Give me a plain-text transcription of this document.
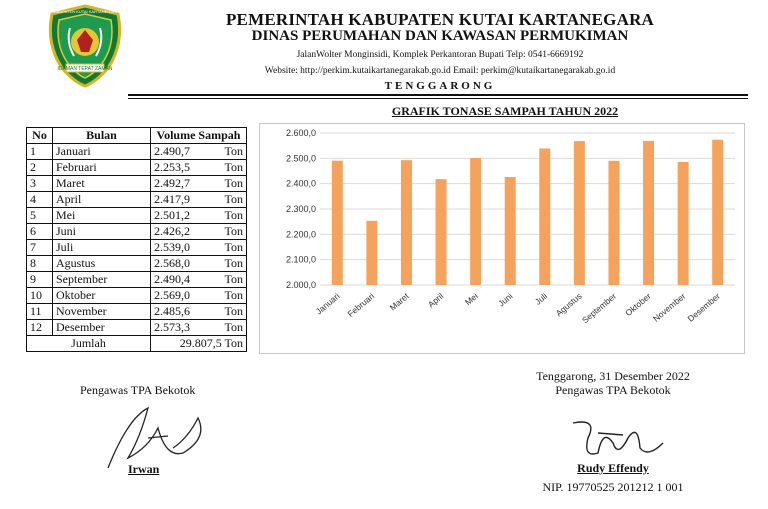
IDAMAN TEPAT ZAMAN
KABUPATEN KUTAI KARTANEGARA	PEMERINTAH KABUPATEN KUTAI KARTANEGARA
DINAS PERUMAHAN DAN KAWASAN PERMUKIMAN
JalanWolter Monginsidi, Komplek Perkantoran Bupati Telp: 0541-6669192
Website: http://perkim.kutaikartanegarakab.go.id Email: perkim@kutaikartanegarakab.go.id
TENGGARONG
GRAFIK TONASE SAMPAH TAHUN 2022
No	Bulan	Volume Sampah
1	Januari	2.490,7 Ton

2	Februari	2.253,5 Ton

3	Maret	2.492,7 Ton

4	April	2.417,9 Ton

5	Mei	2.501,2 Ton

6	Juni	2.426,2 Ton

7	Juli	2.539,0 Ton

8	Agustus	2.568,0 Ton

9	September	2.490,4 Ton

10	Oktober	2.569,0 Ton

11	November	2.485,6 Ton

12	Desember	2.573,3 Ton

Jumlah		29.807,5 Ton
2.000,0
2.100,0
2.200,0
2.300,0
2.400,0
2.500,0
2.600,0
Januari Februari Maret April Mei Juni Juli Agustus
September Oktober
November
Desember
Pengawas TPA Bekotok
Irwan
Tenggarong, 31 Desember 2022
Pengawas TPA Bekotok
Rudy Effendy
NIP. 19770525 201212 1 001
